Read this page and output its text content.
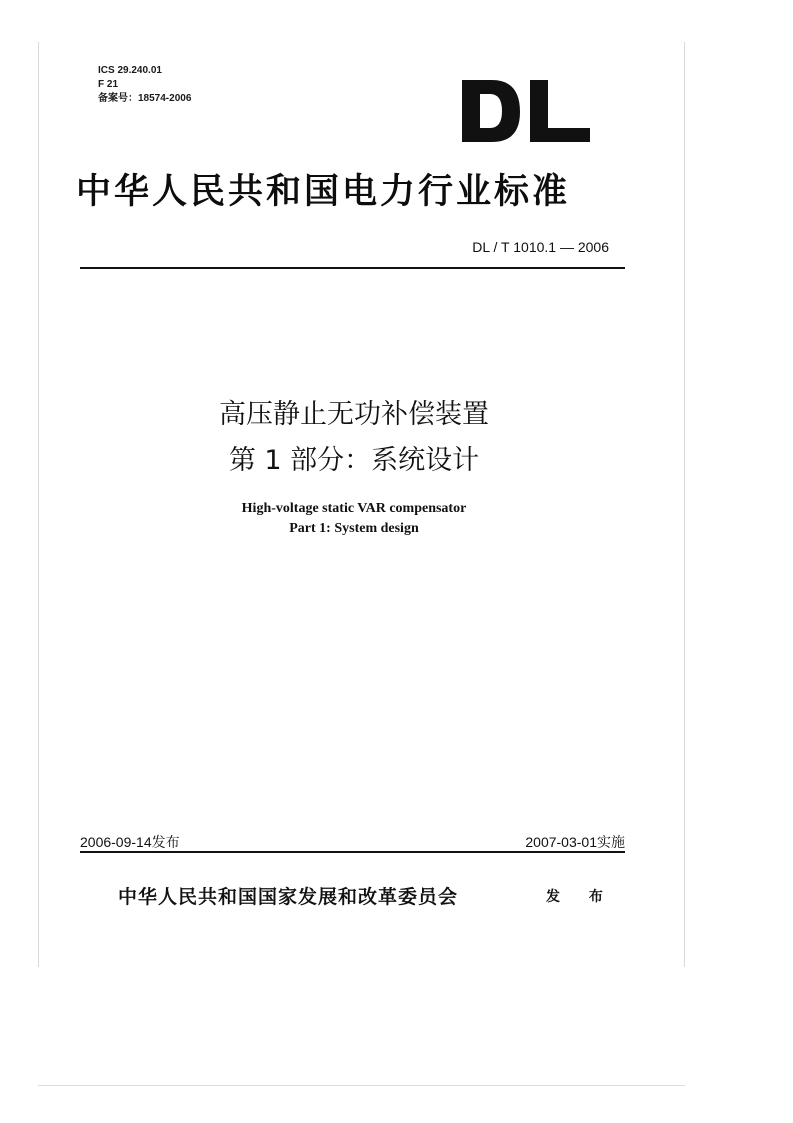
ICS 29.240.01
F 21
备案号：18574-2006
中华人民共和国电力行业标准
DL / T 1010.1 — 2006
高压静止无功补偿装置
第 1 部分：系统设计
High-voltage static VAR compensator
Part 1: System design
2006-09-14发布	2007-03-01实施
中华人民共和国国家发展和改革委员会	发 布
